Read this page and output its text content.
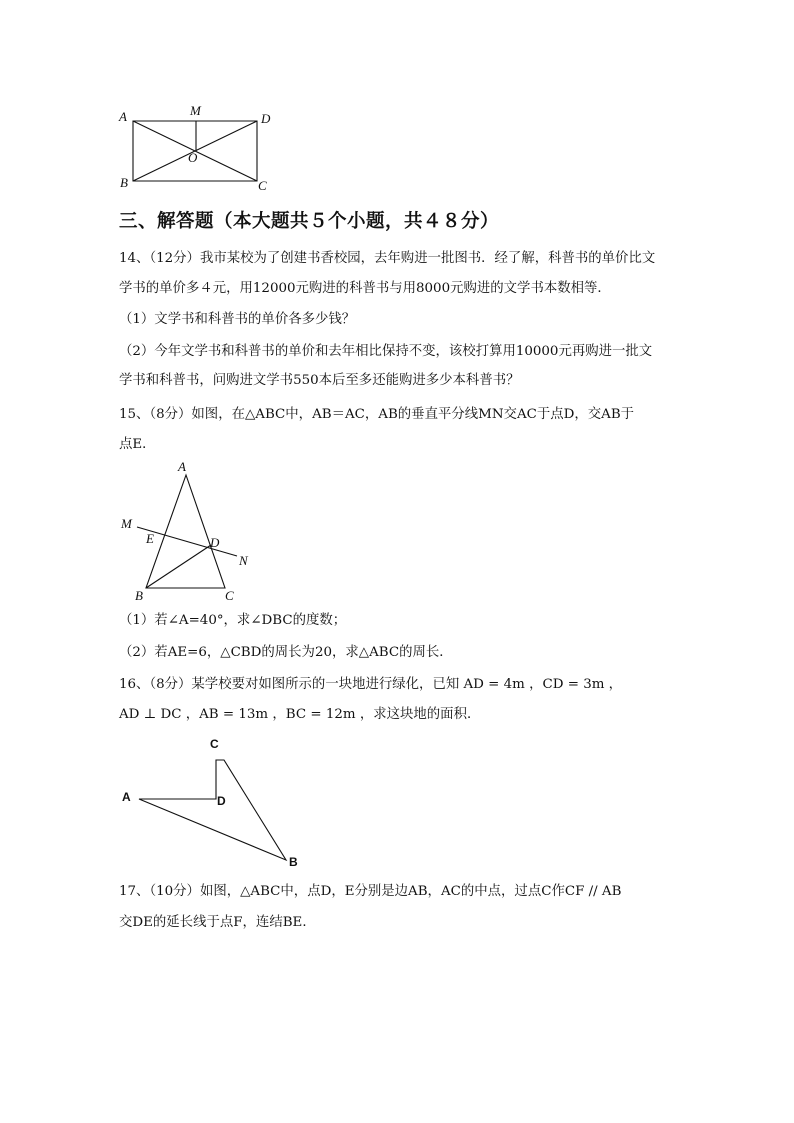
A	M
D
O
B	C
三、解答题（本大题共５个小题，共４８分）
14、（12分）我市某校为了创建书香校园，去年购进一批图书．经了解，科普书的单价比文
学书的单价多４元，用12000元购进的科普书与用8000元购进的文学书本数相等．
（1）文学书和科普书的单价各多少钱？
（2）今年文学书和科普书的单价和去年相比保持不变，该校打算用10000元再购进一批文
学书和科普书，问购进文学书550本后至多还能购进多少本科普书？
15、（8分）如图，在△ABC中，AB＝AC，AB的垂直平分线MN交AC于点D，交AB于
点E．
A
M
E	D
N
B	C
（1）若∠A=40°，求∠DBC的度数；
（2）若AE=6，△CBD的周长为20，求△ABC的周长．
16、（8分）某学校要对如图所示的一块地进行绿化，已知 AD = 4m ，CD = 3m ，
AD ⊥ DC ，AB = 13m ，BC = 12m ，求这块地的面积．
C
A	D
B
17、（10分）如图，△ABC中，点D，E分别是边AB，AC的中点，过点C作CF // AB
交DE的延长线于点F，连结BE．
